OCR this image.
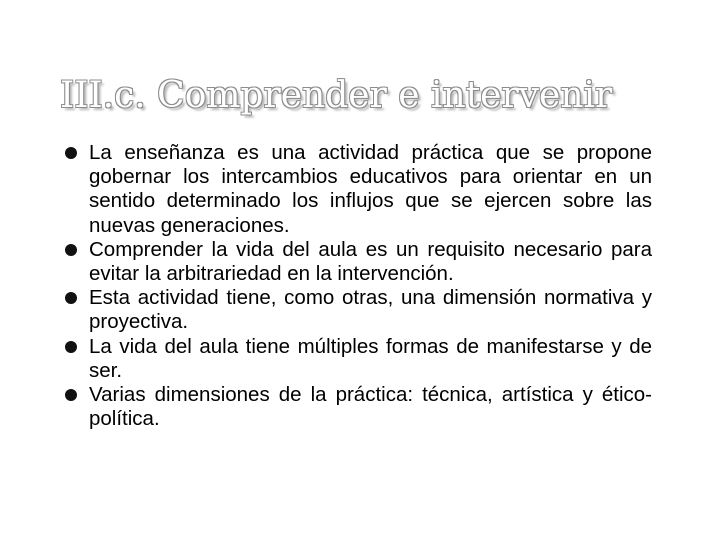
III.c. Comprender e intervenir
La enseñanza es una actividad práctica que se propone gobernar los intercambios educativos para orientar en un sentido determinado los influjos que se ejercen sobre las nuevas generaciones.
Comprender la vida del aula es un requisito necesario para evitar la arbitrariedad en la intervención.
Esta actividad tiene, como otras, una dimensión normativa y proyectiva.
La vida del aula tiene múltiples formas de manifestarse y de ser.
Varias dimensiones de la práctica: técnica, artística y ético-política.
